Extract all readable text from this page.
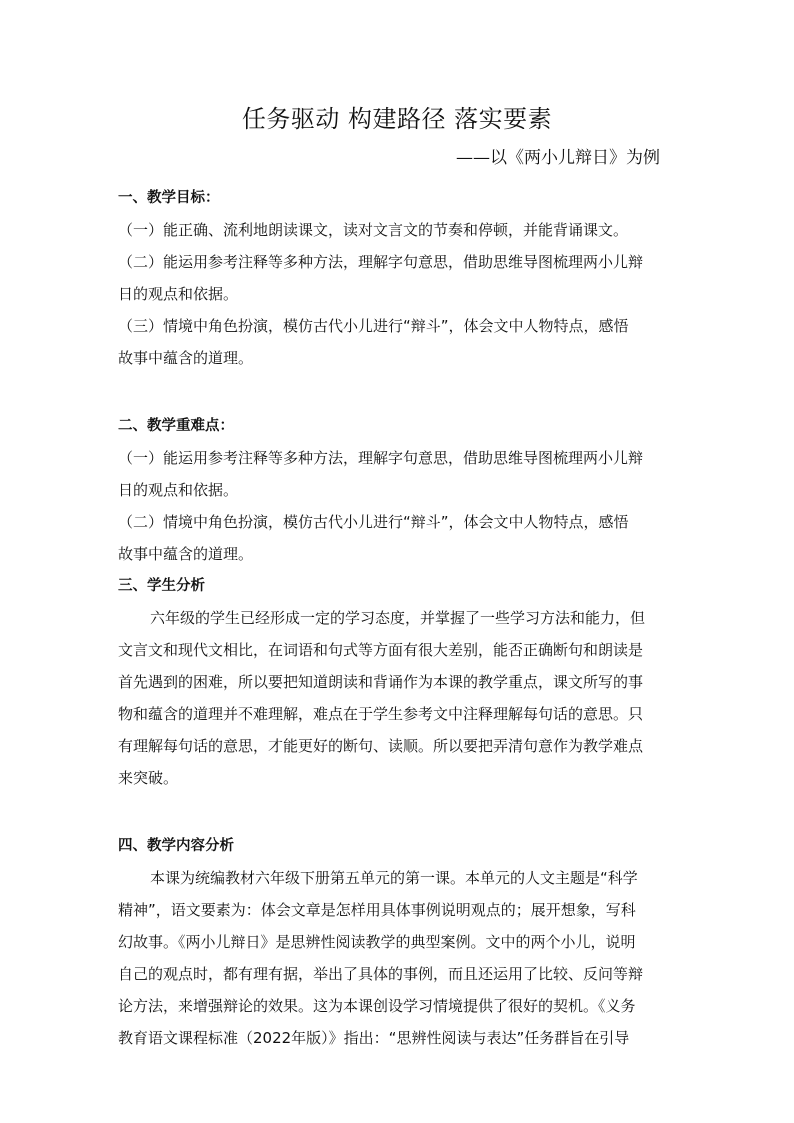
任务驱动 构建路径 落实要素
——以《两小儿辩日》为例
一、教学目标：
（一）能正确、流利地朗读课文，读对文言文的节奏和停顿，并能背诵课文。
（二）能运用参考注释等多种方法，理解字句意思，借助思维导图梳理两小儿辩
日的观点和依据。
（三）情境中角色扮演，模仿古代小儿进行“辩斗”，体会文中人物特点，感悟
故事中蕴含的道理。
二、教学重难点：
（一）能运用参考注释等多种方法，理解字句意思，借助思维导图梳理两小儿辩
日的观点和依据。
（二）情境中角色扮演，模仿古代小儿进行“辩斗”，体会文中人物特点，感悟
故事中蕴含的道理。
三、学生分析
六年级的学生已经形成一定的学习态度，并掌握了一些学习方法和能力，但
文言文和现代文相比，在词语和句式等方面有很大差别，能否正确断句和朗读是
首先遇到的困难，所以要把知道朗读和背诵作为本课的教学重点，课文所写的事
物和蕴含的道理并不难理解，难点在于学生参考文中注释理解每句话的意思。只
有理解每句话的意思，才能更好的断句、读顺。所以要把弄清句意作为教学难点
来突破。
四、教学内容分析
本课为统编教材六年级下册第五单元的第一课。本单元的人文主题是“科学
精神”，语文要素为：体会文章是怎样用具体事例说明观点的；展开想象，写科
幻故事。《两小儿辩日》是思辨性阅读教学的典型案例。文中的两个小儿，说明
自己的观点时，都有理有据，举出了具体的事例，而且还运用了比较、反问等辩
论方法，来增强辩论的效果。这为本课创设学习情境提供了很好的契机。《义务
教育语文课程标准（2022年版）》指出：“思辨性阅读与表达”任务群旨在引导
